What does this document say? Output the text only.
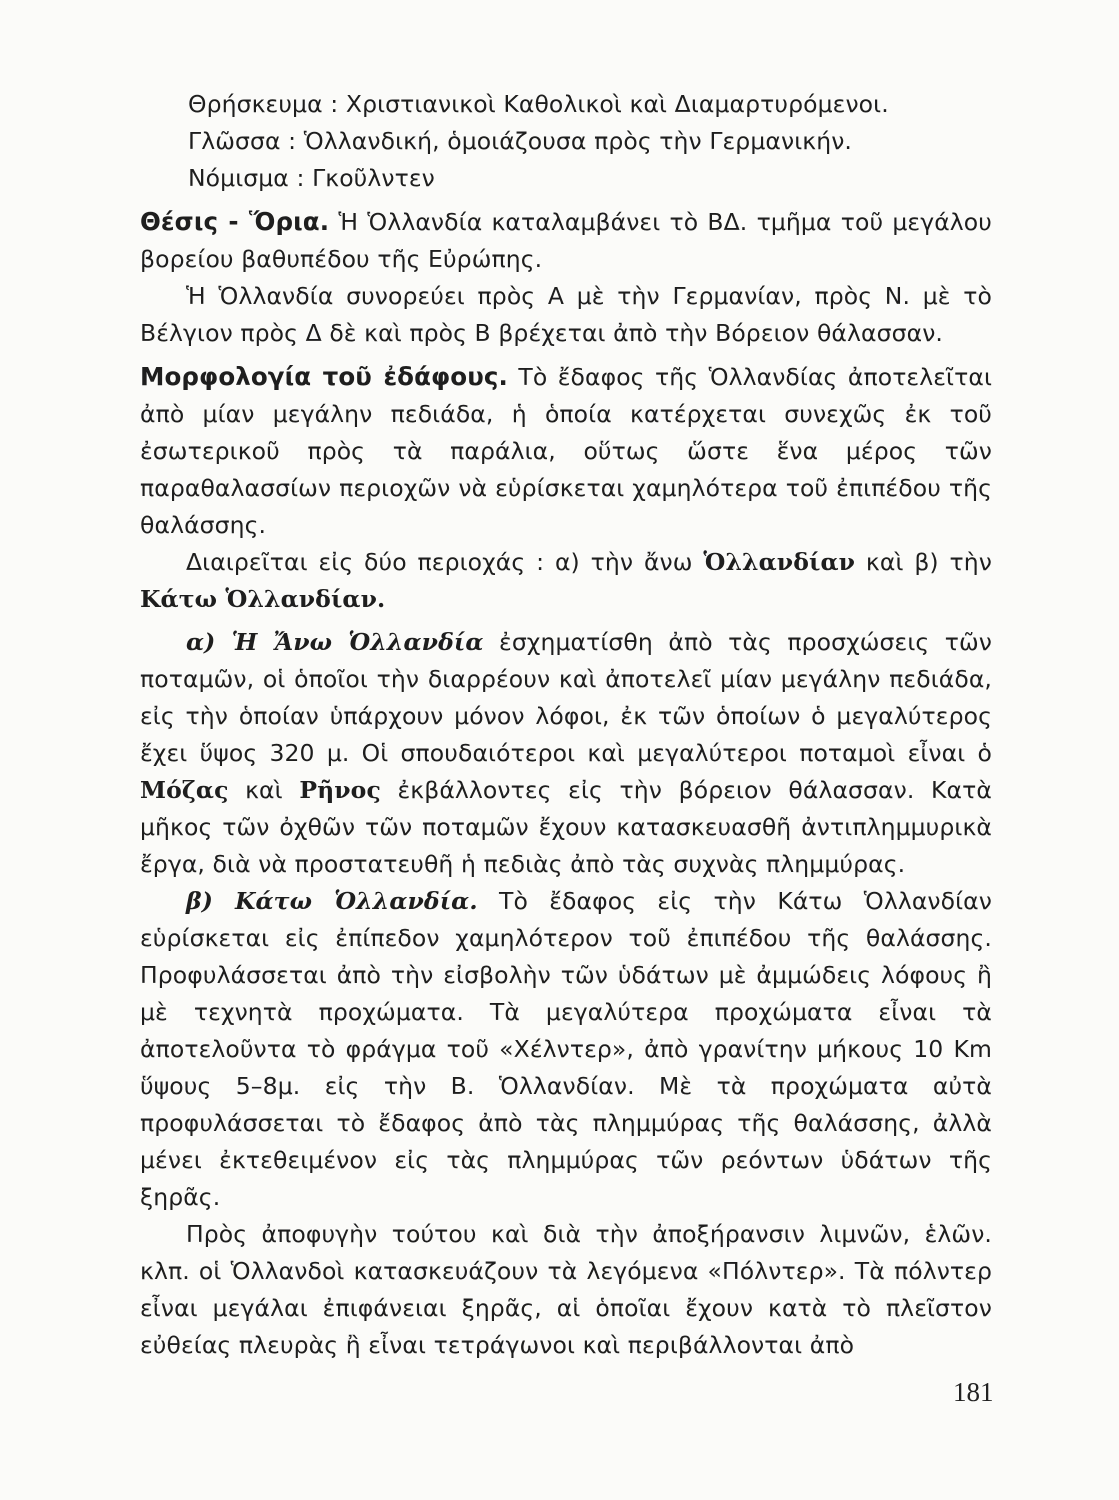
Θρήσκευμα : Χριστιανικοὶ Καθολικοὶ καὶ Διαμαρτυρόμενοι.

Γλῶσσα : Ὁλλανδική, ὁμοιάζουσα πρὸς τὴν Γερμανικήν.

Νόμισμα : Γκοῦλντεν

Θέσις - Ὅρια. Ἡ Ὁλλανδία καταλαμβάνει τὸ ΒΔ. τμῆμα τοῦ μεγάλου βορείου βαθυπέδου τῆς Εὐρώπης.

Ἡ Ὁλλανδία συνορεύει πρὸς Α μὲ τὴν Γερμανίαν, πρὸς Ν. μὲ τὸ Βέλγιον πρὸς Δ δὲ καὶ πρὸς Β βρέχεται ἀπὸ τὴν Βόρειον θάλασσαν.

Μορφολογία τοῦ ἐδάφους. Τὸ ἔδαφος τῆς Ὁλλανδίας ἀποτελεῖται ἀπὸ μίαν μεγάλην πεδιάδα, ἡ ὁποία κατέρχεται συνεχῶς ἐκ τοῦ ἐσωτερικοῦ πρὸς τὰ παράλια, οὕτως ὥστε ἕνα μέρος τῶν παραθαλασσίων περιοχῶν νὰ εὑρίσκεται χαμηλότερα τοῦ ἐπιπέδου τῆς θαλάσσης.

Διαιρεῖται εἰς δύο περιοχάς : α) τὴν ἄνω Ὁλλανδίαν καὶ β) τὴν Κάτω Ὁλλανδίαν.

α) Ἡ Ἄνω Ὁλλανδία ἐσχηματίσθη ἀπὸ τὰς προσχώσεις τῶν ποταμῶν, οἱ ὁποῖοι τὴν διαρρέουν καὶ ἀποτελεῖ μίαν μεγάλην πεδιάδα, εἰς τὴν ὁποίαν ὑπάρχουν μόνον λόφοι, ἐκ τῶν ὁποίων ὁ μεγαλύτερος ἔχει ὕψος 320 μ. Οἱ σπουδαιότεροι καὶ μεγαλύτεροι ποταμοὶ εἶναι ὁ Μόζας καὶ Ρῆνος ἐκβάλλοντες εἰς τὴν βόρειον θάλασσαν. Κατὰ μῆκος τῶν ὀχθῶν τῶν ποταμῶν ἔχουν κατασκευασθῆ ἀντιπλημμυρικὰ ἔργα, διὰ νὰ προστατευθῆ ἡ πεδιὰς ἀπὸ τὰς συχνὰς πλημμύρας.

β) Κάτω Ὁλλανδία. Τὸ ἔδαφος εἰς τὴν Κάτω Ὁλλανδίαν εὑρίσκεται εἰς ἐπίπεδον χαμηλότερον τοῦ ἐπιπέδου τῆς θαλάσσης. Προφυλάσσεται ἀπὸ τὴν εἰσβολὴν τῶν ὑδάτων μὲ ἀμμώδεις λόφους ἢ μὲ τεχνητὰ προχώματα. Τὰ μεγαλύτερα προχώματα εἶναι τὰ ἀποτελοῦντα τὸ φράγμα τοῦ «Χέλντερ», ἀπὸ γρανίτην μήκους 10 Km ὕψους 5–8μ. εἰς τὴν Β. Ὁλλανδίαν. Μὲ τὰ προχώματα αὐτὰ προφυλάσσεται τὸ ἔδαφος ἀπὸ τὰς πλημμύρας τῆς θαλάσσης, ἀλλὰ μένει ἐκτεθειμένον εἰς τὰς πλημμύρας τῶν ρεόντων ὑδάτων τῆς ξηρᾶς.

Πρὸς ἀποφυγὴν τούτου καὶ διὰ τὴν ἀποξήρανσιν λιμνῶν, ἑλῶν. κλπ. οἱ Ὁλλανδοὶ κατασκευάζουν τὰ λεγόμενα «Πόλντερ». Τὰ πόλντερ εἶναι μεγάλαι ἐπιφάνειαι ξηρᾶς, αἱ ὁποῖαι ἔχουν κατὰ τὸ πλεῖστον εὐθείας πλευρὰς ἢ εἶναι τετράγωνοι καὶ περιβάλλονται ἀπὸ

181
